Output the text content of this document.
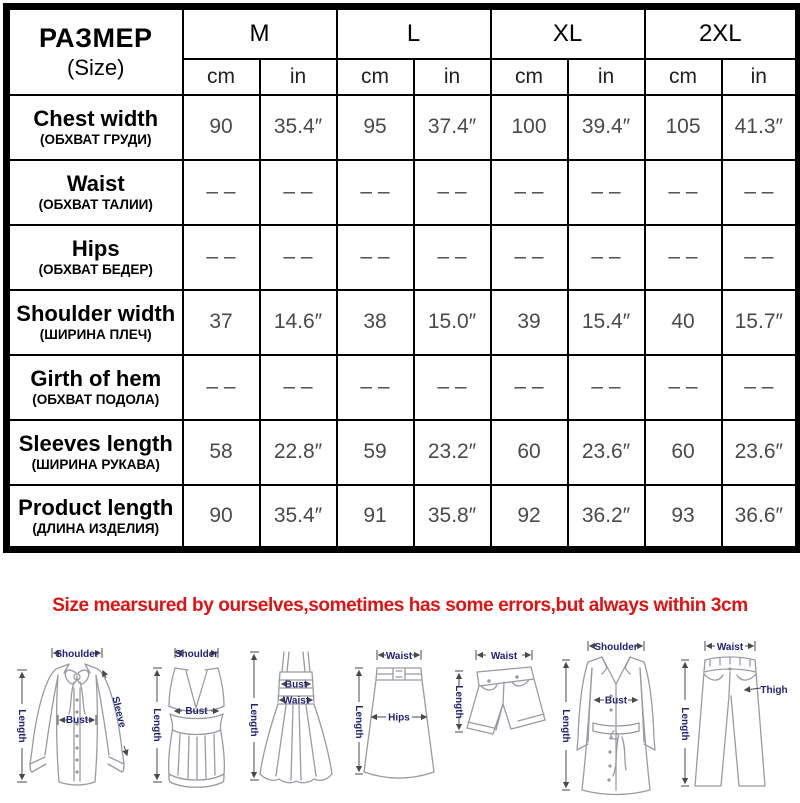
РАЗМЕР
(Size)	M		L		XL		2XL	
	cm	in	cm	in	cm	in	cm	in

Chest width
(ОБХВАТ ГРУДИ)	90	35.4″	95	37.4″	100	39.4″	105	41.3″

Waist
(ОБХВАТ ТАЛИИ)	– –	– –	– –	– –	– –	– –	– –	– –

Hips
(ОБХВАТ БЕДЕР)	– –	– –	– –	– –	– –	– –	– –	– –

Shoulder width
(ШИРИНА ПЛЕЧ)	37	14.6″	38	15.0″	39	15.4″	40	15.7″

Girth of hem
(ОБХВАТ ПОДОЛА)	– –	– –	– –	– –	– –	– –	– –	– –

Sleeves length
(ШИРИНА РУКАВА)	58	22.8″	59	23.2″	60	23.6″	60	23.6″

Product length
(ДЛИНА ИЗДЕЛИЯ)	90	35.4″	91	35.8″	92	36.2″	93	36.6″
Size mearsured by ourselves,sometimes has some errors,but always within 3cm
Shoulder
Length	Bust Sleeve
Shoulder
Length Bust	Length
Bust
Waist
Waist
Length Hips
Waist
Length
Shoulder
Length
Bust
Waist
Length
Thigh
